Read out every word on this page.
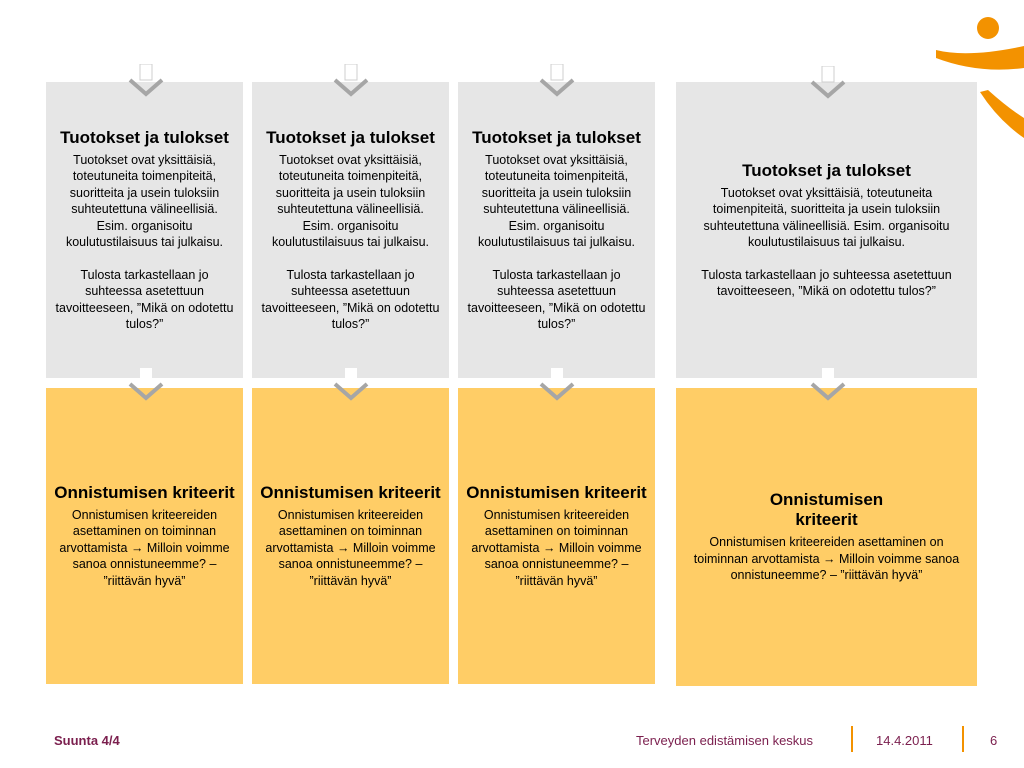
Tuotokset ja tulokset

Tuotokset ovat yksittäisiä, toteutuneita toimenpiteitä, suoritteita ja usein tuloksiin suhteutettuna välineellisiä. Esim. organisoitu koulutustilaisuus tai julkaisu.

Tulosta tarkastellaan jo suhteessa asetettuun tavoitteeseen, ”Mikä on odotettu tulos?”

Onnistumisen kriteerit

Onnistumisen kriteereiden asettaminen on toiminnan arvottamista → Milloin voimme sanoa onnistuneemme? – ”riittävän hyvä”

Tuotokset ja tulokset

Tuotokset ovat yksittäisiä, toteutuneita toimenpiteitä, suoritteita ja usein tuloksiin suhteutettuna välineellisiä. Esim. organisoitu koulutustilaisuus tai julkaisu.

Tulosta tarkastellaan jo suhteessa asetettuun tavoitteeseen, ”Mikä on odotettu tulos?”

Onnistumisen kriteerit

Onnistumisen kriteereiden asettaminen on toiminnan arvottamista → Milloin voimme sanoa onnistuneemme? – ”riittävän hyvä”

Tuotokset ja tulokset

Tuotokset ovat yksittäisiä, toteutuneita toimenpiteitä, suoritteita ja usein tuloksiin suhteutettuna välineellisiä. Esim. organisoitu koulutustilaisuus tai julkaisu.

Tulosta tarkastellaan jo suhteessa asetettuun tavoitteeseen, ”Mikä on odotettu tulos?”

Onnistumisen kriteerit

Onnistumisen kriteereiden asettaminen on toiminnan arvottamista → Milloin voimme sanoa onnistuneemme? – ”riittävän hyvä”

Tuotokset ja tulokset

Tuotokset ovat yksittäisiä, toteutuneita toimenpiteitä, suoritteita ja usein tuloksiin suhteutettuna välineellisiä. Esim. organisoitu koulutustilaisuus tai julkaisu.

Tulosta tarkastellaan jo suhteessa asetettuun tavoitteeseen, ”Mikä on odotettu tulos?”

Onnistumisen kriteerit

Onnistumisen kriteereiden asettaminen on toiminnan arvottamista → Milloin voimme sanoa onnistuneemme? – ”riittävän hyvä”

Suunta 4/4	Terveyden edistämisen keskus	14.4.2011	6
